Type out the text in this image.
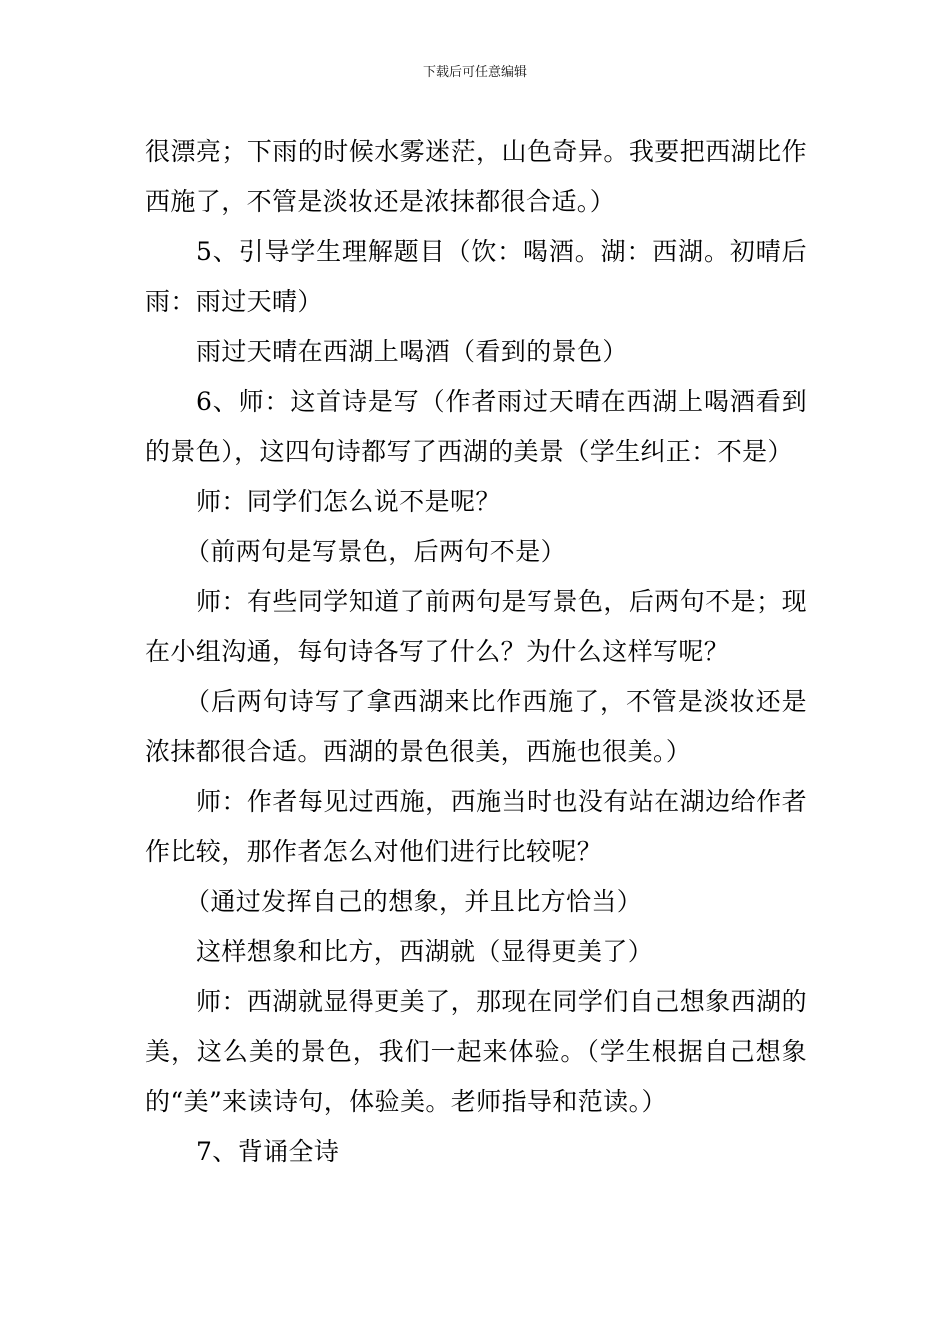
下载后可任意编辑

很漂亮；下雨的时候水雾迷茫，山色奇异。我要把西湖比作西施了，不管是淡妆还是浓抹都很合适。）

5、引导学生理解题目（饮：喝酒。湖：西湖。初晴后雨：雨过天晴）

雨过天晴在西湖上喝酒（看到的景色）

6、师：这首诗是写（作者雨过天晴在西湖上喝酒看到的景色），这四句诗都写了西湖的美景（学生纠正：不是）

师：同学们怎么说不是呢？

（前两句是写景色，后两句不是）

师：有些同学知道了前两句是写景色，后两句不是；现在小组沟通，每句诗各写了什么？为什么这样写呢？

（后两句诗写了拿西湖来比作西施了，不管是淡妆还是浓抹都很合适。西湖的景色很美，西施也很美。）

师：作者每见过西施，西施当时也没有站在湖边给作者作比较，那作者怎么对他们进行比较呢？

（通过发挥自己的想象，并且比方恰当）

这样想象和比方，西湖就（显得更美了）

师：西湖就显得更美了，那现在同学们自己想象西湖的美，这么美的景色，我们一起来体验。（学生根据自己想象的“美”来读诗句，体验美。老师指导和范读。）

7、背诵全诗
